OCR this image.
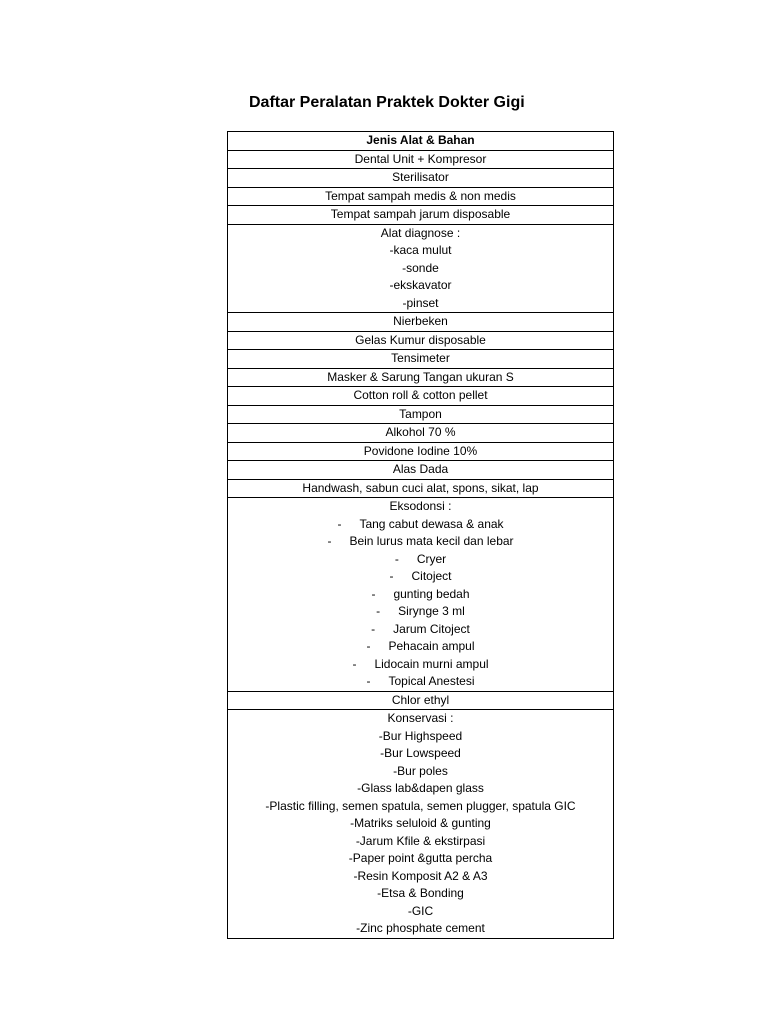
Daftar Peralatan Praktek Dokter Gigi
Jenis Alat & Bahan

Dental Unit + Kompresor

Sterilisator

Tempat sampah medis & non medis

Tempat sampah jarum disposable

Alat diagnose :
-kaca mulut
-sonde
-ekskavator
-pinset

Nierbeken

Gelas Kumur disposable

Tensimeter

Masker & Sarung Tangan ukuran S

Cotton roll & cotton pellet

Tampon

Alkohol 70 %

Povidone Iodine 10%

Alas Dada

Handwash, sabun cuci alat, spons, sikat, lap

Eksodonsi :
- Tang cabut dewasa & anak
- Bein lurus mata kecil dan lebar
- Cryer
- Citoject
- gunting bedah
- Sirynge 3 ml
- Jarum Citoject
- Pehacain ampul
- Lidocain murni ampul
- Topical Anestesi

Chlor ethyl

Konservasi :
-Bur Highspeed
-Bur Lowspeed
-Bur poles
-Glass lab&dapen glass
-Plastic filling, semen spatula, semen plugger, spatula GIC
-Matriks seluloid & gunting
-Jarum Kfile & ekstirpasi
-Paper point &gutta percha
-Resin Komposit A2 & A3
-Etsa & Bonding
-GIC
-Zinc phosphate cement
